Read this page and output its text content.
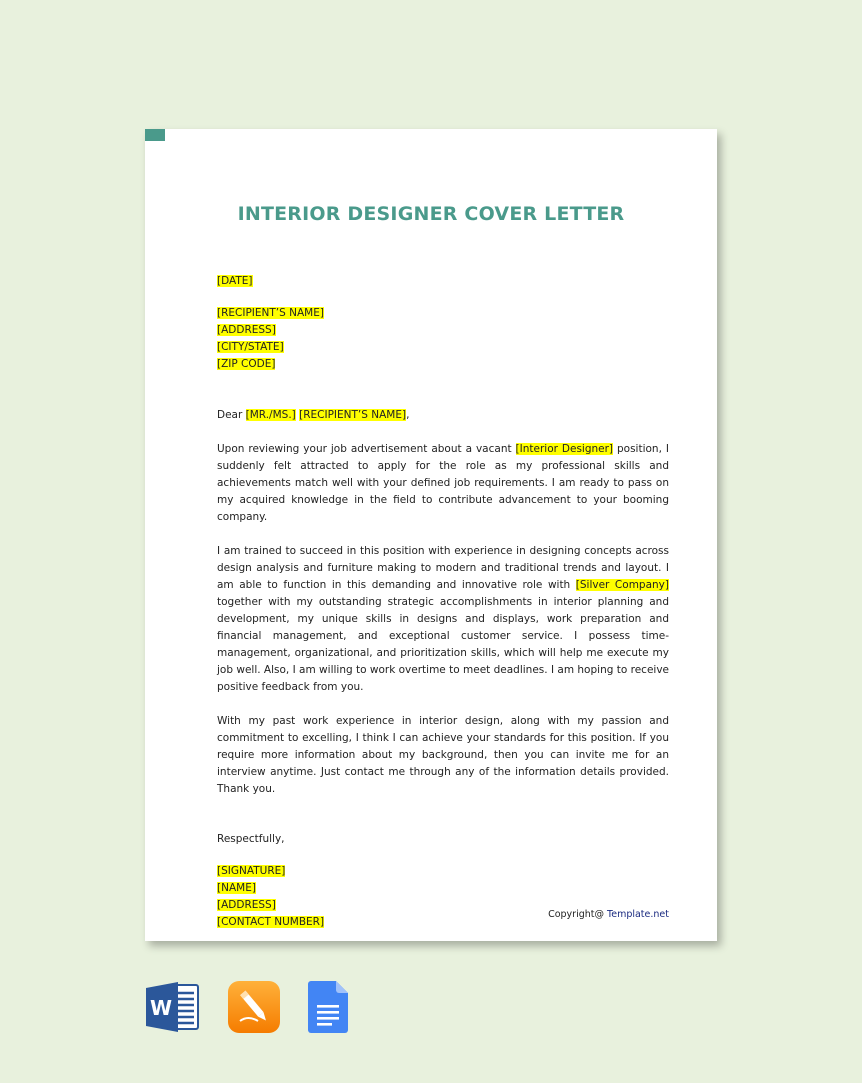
INTERIOR DESIGNER COVER LETTER
[DATE]
[RECIPIENT’S NAME]
[ADDRESS]
[CITY/STATE]
[ZIP CODE]
Dear [MR./MS.] [RECIPIENT’S NAME],

Upon reviewing your job advertisement about a vacant [Interior Designer] position, I suddenly felt attracted to apply for the role as my professional skills and achievements match well with your defined job requirements. I am ready to pass on my acquired knowledge in the field to contribute advancement to your booming company.

I am trained to succeed in this position with experience in designing concepts across design analysis and furniture making to modern and traditional trends and layout. I am able to function in this demanding and innovative role with [Silver Company] together with my outstanding strategic accomplishments in interior planning and development, my unique skills in designs and displays, work preparation and financial management, and exceptional customer service. I possess time-management, organizational, and prioritization skills, which will help me execute my job well. Also, I am willing to work overtime to meet deadlines. I am hoping to receive positive feedback from you.

With my past work experience in interior design, along with my passion and commitment to excelling, I think I can achieve your standards for this position. If you require more information about my background, then you can invite me for an interview anytime. Just contact me through any of the information details provided. Thank you.

Respectfully,
[SIGNATURE]
[NAME]
[ADDRESS]
[CONTACT NUMBER]
Copyright@ Template.net
W
